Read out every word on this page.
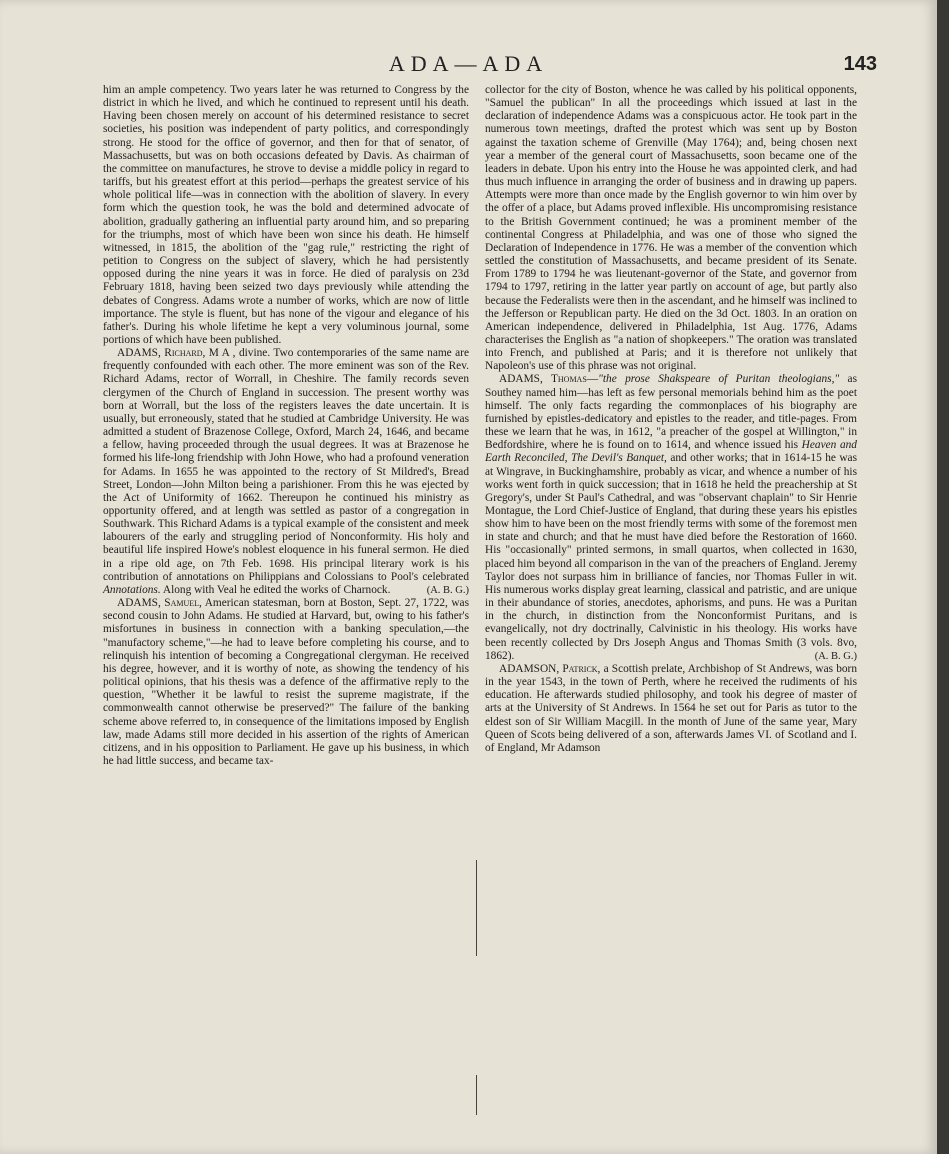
ADA—ADA	143

him an ample competency. Two years later he was returned to Congress by the district in which he lived, and which he continued to represent until his death. Having been chosen merely on account of his determined resistance to secret societies, his position was independent of party politics, and correspondingly strong. He stood for the office of governor, and then for that of senator, of Massachusetts, but was on both occasions defeated by Davis. As chairman of the committee on manufactures, he strove to devise a middle policy in regard to tariffs, but his greatest effort at this period—perhaps the greatest service of his whole political life—was in connection with the abolition of slavery. In every form which the question took, he was the bold and determined advocate of abolition, gradually gathering an influential party around him, and so preparing for the triumphs, most of which have been won since his death. He himself witnessed, in 1815, the abolition of the "gag rule," restricting the right of petition to Congress on the subject of slavery, which he had persistently opposed during the nine years it was in force. He died of paralysis on 23d February 1818, having been seized two days previously while attending the debates of Congress. Adams wrote a number of works, which are now of little importance. The style is fluent, but has none of the vigour and elegance of his father's. During his whole lifetime he kept a very voluminous journal, some portions of which have been published.

ADAMS, Richard, M A , divine. Two contemporaries of the same name are frequently confounded with each other. The more eminent was son of the Rev. Richard Adams, rector of Worrall, in Cheshire. The family records seven clergymen of the Church of England in succession. The present worthy was born at Worrall, but the loss of the registers leaves the date uncertain. It is usually, but erroneously, stated that he studied at Cambridge University. He was admitted a student of Brazenose College, Oxford, March 24, 1646, and became a fellow, having proceeded through the usual degrees. It was at Brazenose he formed his life-long friendship with John Howe, who had a profound veneration for Adams. In 1655 he was appointed to the rectory of St Mildred's, Bread Street, London—John Milton being a parishioner. From this he was ejected by the Act of Uniformity of 1662. Thereupon he continued his ministry as opportunity offered, and at length was settled as pastor of a congregation in Southwark. This Richard Adams is a typical example of the consistent and meek labourers of the early and struggling period of Nonconformity. His holy and beautiful life inspired Howe's noblest eloquence in his funeral sermon. He died in a ripe old age, on 7th Feb. 1698. His principal literary work is his contribution of annotations on Philippians and Colossians to Pool's celebrated Annotations. Along with Veal he edited the works of Charnock.	(A. B. G.)

ADAMS, Samuel, American statesman, born at Boston, Sept. 27, 1722, was second cousin to John Adams. He studied at Harvard, but, owing to his father's misfortunes in business in connection with a banking speculation,—the "manufactory scheme,"—he had to leave before completing his course, and to relinquish his intention of becoming a Congregational clergyman. He received his degree, however, and it is worthy of note, as showing the tendency of his political opinions, that his thesis was a defence of the affirmative reply to the question, "Whether it be lawful to resist the supreme magistrate, if the commonwealth cannot otherwise be preserved?" The failure of the banking scheme above referred to, in consequence of the limitations imposed by English law, made Adams still more decided in his assertion of the rights of American citizens, and in his opposition to Parliament. He gave up his business, in which he had little success, and became tax-

collector for the city of Boston, whence he was called by his political opponents, "Samuel the publican" In all the proceedings which issued at last in the declaration of independence Adams was a conspicuous actor. He took part in the numerous town meetings, drafted the protest which was sent up by Boston against the taxation scheme of Grenville (May 1764); and, being chosen next year a member of the general court of Massachusetts, soon became one of the leaders in debate. Upon his entry into the House he was appointed clerk, and had thus much influence in arranging the order of business and in drawing up papers. Attempts were more than once made by the English governor to win him over by the offer of a place, but Adams proved inflexible. His uncompromising resistance to the British Government continued; he was a prominent member of the continental Congress at Philadelphia, and was one of those who signed the Declaration of Independence in 1776. He was a member of the convention which settled the constitution of Massachusetts, and became president of its Senate. From 1789 to 1794 he was lieutenant-governor of the State, and governor from 1794 to 1797, retiring in the latter year partly on account of age, but partly also because the Federalists were then in the ascendant, and he himself was inclined to the Jefferson or Republican party. He died on the 3d Oct. 1803. In an oration on American independence, delivered in Philadelphia, 1st Aug. 1776, Adams characterises the English as "a nation of shopkeepers." The oration was translated into French, and published at Paris; and it is therefore not unlikely that Napoleon's use of this phrase was not original.

ADAMS, Thomas—"the prose Shakspeare of Puritan theologians," as Southey named him—has left as few personal memorials behind him as the poet himself. The only facts regarding the commonplaces of his biography are furnished by epistles-dedicatory and epistles to the reader, and title-pages. From these we learn that he was, in 1612, "a preacher of the gospel at Willington," in Bedfordshire, where he is found on to 1614, and whence issued his Heaven and Earth Reconciled, The Devil's Banquet, and other works; that in 1614-15 he was at Wingrave, in Buckinghamshire, probably as vicar, and whence a number of his works went forth in quick succession; that in 1618 he held the preachership at St Gregory's, under St Paul's Cathedral, and was "observant chaplain" to Sir Henrie Montague, the Lord Chief-Justice of England, that during these years his epistles show him to have been on the most friendly terms with some of the foremost men in state and church; and that he must have died before the Restoration of 1660. His "occasionally" printed sermons, in small quartos, when collected in 1630, placed him beyond all comparison in the van of the preachers of England. Jeremy Taylor does not surpass him in brilliance of fancies, nor Thomas Fuller in wit. His numerous works display great learning, classical and patristic, and are unique in their abundance of stories, anecdotes, aphorisms, and puns. He was a Puritan in the church, in distinction from the Nonconformist Puritans, and is evangelically, not dry doctrinally, Calvinistic in his theology. His works have been recently collected by Drs Joseph Angus and Thomas Smith (3 vols. 8vo, 1862).	(A. B. G.)

ADAMSON, Patrick, a Scottish prelate, Archbishop of St Andrews, was born in the year 1543, in the town of Perth, where he received the rudiments of his education. He afterwards studied philosophy, and took his degree of master of arts at the University of St Andrews. In 1564 he set out for Paris as tutor to the eldest son of Sir William Macgill. In the month of June of the same year, Mary Queen of Scots being delivered of a son, afterwards James VI. of Scotland and I. of England, Mr Adamson
